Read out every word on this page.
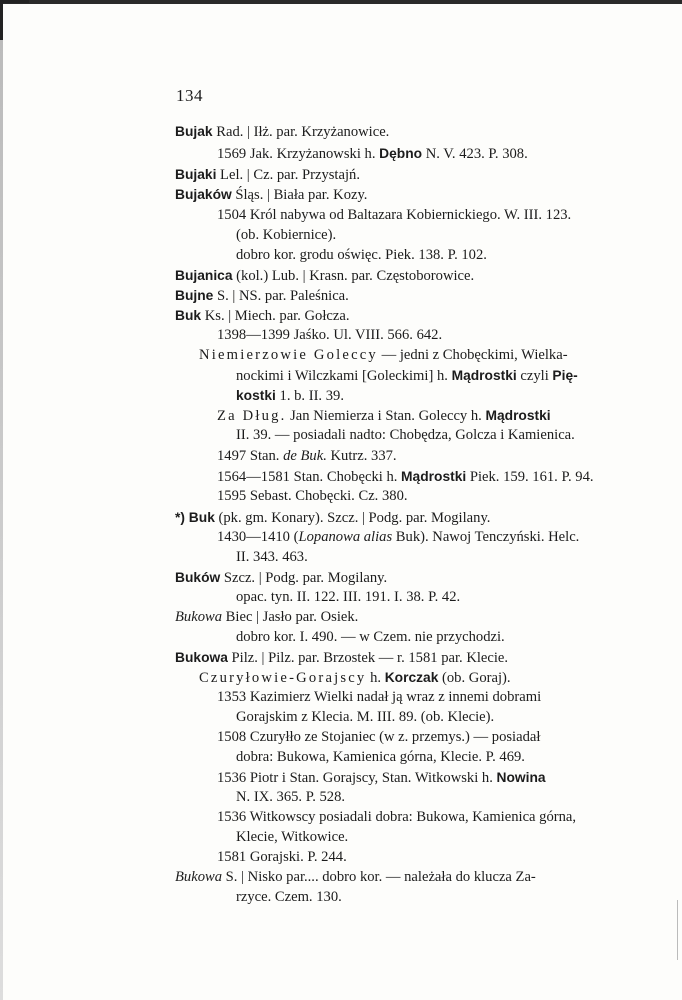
134
Bujak Rad. | Iłż. par. Krzyżanowice.
1569 Jak. Krzyżanowski h. Dębno N. V. 423. P. 308.
Bujaki Lel. | Cz. par. Przystajń.
Bujaków Śląs. | Biała par. Kozy.
1504 Król nabywa od Baltazara Kobiernickiego. W. III. 123.
(ob. Kobiernice).
dobro kor. grodu oświęc. Piek. 138. P. 102.
Bujanica (kol.) Lub. | Krasn. par. Częstoborowice.
Bujne S. | NS. par. Paleśnica.
Buk Ks. | Miech. par. Gołcza.
1398—1399 Jaśko. Ul. VIII. 566. 642.
Niemierzowie Goleccy — jedni z Chobęckimi, Wielka-
nockimi i Wilczkami [Goleckimi] h. Mądrostki czyli Pię-
kostki 1. b. II. 39.
Za Dług. Jan Niemierza i Stan. Goleccy h. Mądrostki
II. 39. — posiadali nadto: Chobędza, Golcza i Kamienica.
1497 Stan. de Buk. Kutrz. 337.
1564—1581 Stan. Chobęcki h. Mądrostki Piek. 159. 161. P. 94.
1595 Sebast. Chobęcki. Cz. 380.
*) Buk (pk. gm. Konary). Szcz. | Podg. par. Mogilany.
1430—1410 (Lopanowa alias Buk). Nawoj Tenczyński. Helc.
II. 343. 463.
Buków Szcz. | Podg. par. Mogilany.
opac. tyn. II. 122. III. 191. I. 38. P. 42.
Bukowa Biec | Jasło par. Osiek.
dobro kor. I. 490. — w Czem. nie przychodzi.
Bukowa Pilz. | Pilz. par. Brzostek — r. 1581 par. Klecie.
Czuryłowie-Gorajscy h. Korczak (ob. Goraj).
1353 Kazimierz Wielki nadał ją wraz z innemi dobrami
Gorajskim z Klecia. M. III. 89. (ob. Klecie).
1508 Czuryłło ze Stojaniec (w z. przemys.) — posiadał
dobra: Bukowa, Kamienica górna, Klecie. P. 469.
1536 Piotr i Stan. Gorajscy, Stan. Witkowski h. Nowina
N. IX. 365. P. 528.
1536 Witkowscy posiadali dobra: Bukowa, Kamienica górna,
Klecie, Witkowice.
1581 Gorajski. P. 244.
Bukowa S. | Nisko par.... dobro kor. — należała do klucza Za-
rzyce. Czem. 130.
